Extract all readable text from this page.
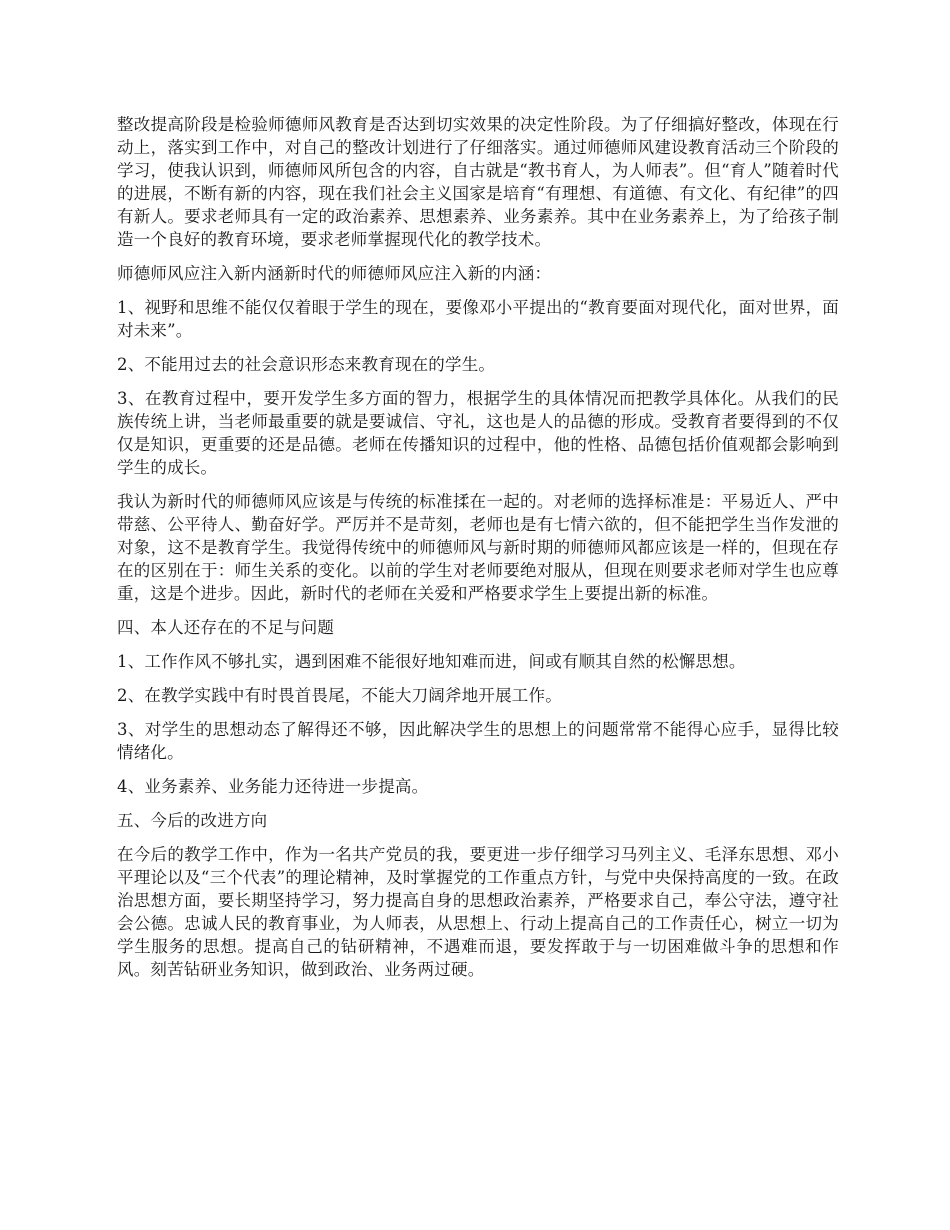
整改提高阶段是检验师德师风教育是否达到切实效果的决定性阶段。为了仔细搞好整改，体现在行动上，落实到工作中，对自己的整改计划进行了仔细落实。通过师德师风建设教育活动三个阶段的学习，使我认识到，师德师风所包含的内容，自古就是“教书育人，为人师表”。但“育人”随着时代的进展，不断有新的内容，现在我们社会主义国家是培育“有理想、有道德、有文化、有纪律”的四有新人。要求老师具有一定的政治素养、思想素养、业务素养。其中在业务素养上，为了给孩子制造一个良好的教育环境，要求老师掌握现代化的教学技术。

师德师风应注入新内涵新时代的师德师风应注入新的内涵：

1、视野和思维不能仅仅着眼于学生的现在，要像邓小平提出的“教育要面对现代化，面对世界，面对未来”。

2、不能用过去的社会意识形态来教育现在的学生。

3、在教育过程中，要开发学生多方面的智力，根据学生的具体情况而把教学具体化。从我们的民族传统上讲，当老师最重要的就是要诚信、守礼，这也是人的品德的形成。受教育者要得到的不仅仅是知识，更重要的还是品德。老师在传播知识的过程中，他的性格、品德包括价值观都会影响到学生的成长。

我认为新时代的师德师风应该是与传统的标准揉在一起的。对老师的选择标准是：平易近人、严中带慈、公平待人、勤奋好学。严厉并不是苛刻，老师也是有七情六欲的，但不能把学生当作发泄的对象，这不是教育学生。我觉得传统中的师德师风与新时期的师德师风都应该是一样的，但现在存在的区别在于：师生关系的变化。以前的学生对老师要绝对服从，但现在则要求老师对学生也应尊重，这是个进步。因此，新时代的老师在关爱和严格要求学生上要提出新的标准。

四、本人还存在的不足与问题

1、工作作风不够扎实，遇到困难不能很好地知难而进，间或有顺其自然的松懈思想。

2、在教学实践中有时畏首畏尾，不能大刀阔斧地开展工作。

3、对学生的思想动态了解得还不够，因此解决学生的思想上的问题常常不能得心应手，显得比较情绪化。

4、业务素养、业务能力还待进一步提高。

五、今后的改进方向

在今后的教学工作中，作为一名共产党员的我，要更进一步仔细学习马列主义、毛泽东思想、邓小平理论以及“三个代表”的理论精神，及时掌握党的工作重点方针，与党中央保持高度的一致。在政治思想方面，要长期坚持学习，努力提高自身的思想政治素养，严格要求自己，奉公守法，遵守社会公德。忠诚人民的教育事业，为人师表，从思想上、行动上提高自己的工作责任心，树立一切为学生服务的思想。提高自己的钻研精神，不遇难而退，要发挥敢于与一切困难做斗争的思想和作风。刻苦钻研业务知识，做到政治、业务两过硬。
